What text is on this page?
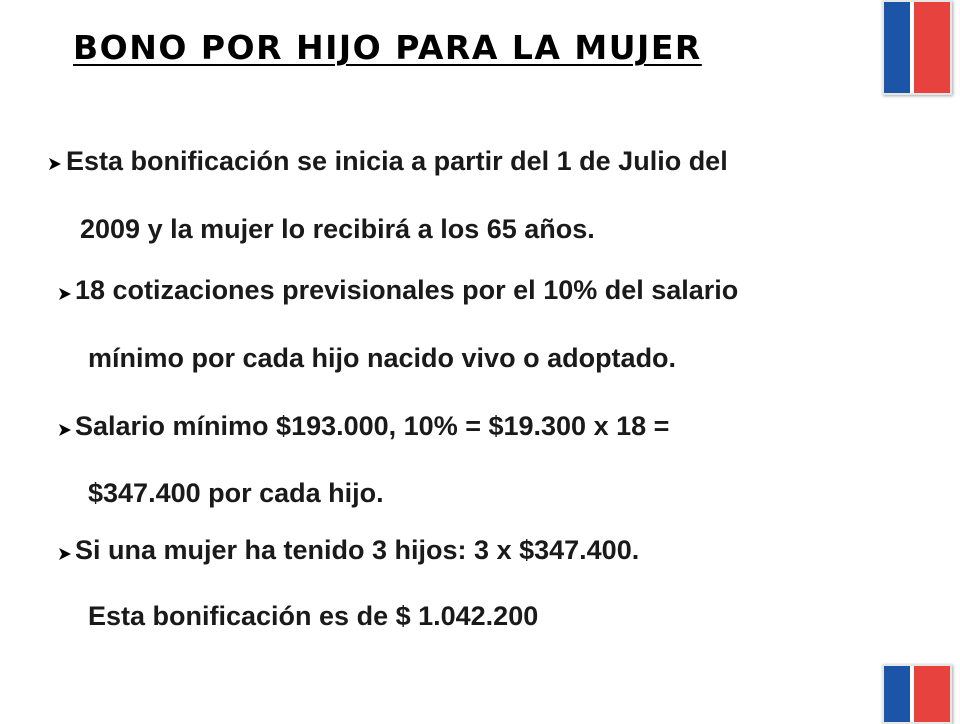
BONO POR HIJO PARA LA MUJER
Esta bonificación se inicia a partir del 1 de Julio del
2009 y la mujer lo recibirá a los 65 años.
18 cotizaciones previsionales por el 10% del salario
mínimo por cada hijo nacido vivo o adoptado.
Salario mínimo $193.000, 10% = $19.300 x 18 =
$347.400 por cada hijo.
Si una mujer ha tenido 3 hijos: 3 x $347.400.
Esta bonificación es de $ 1.042.200
